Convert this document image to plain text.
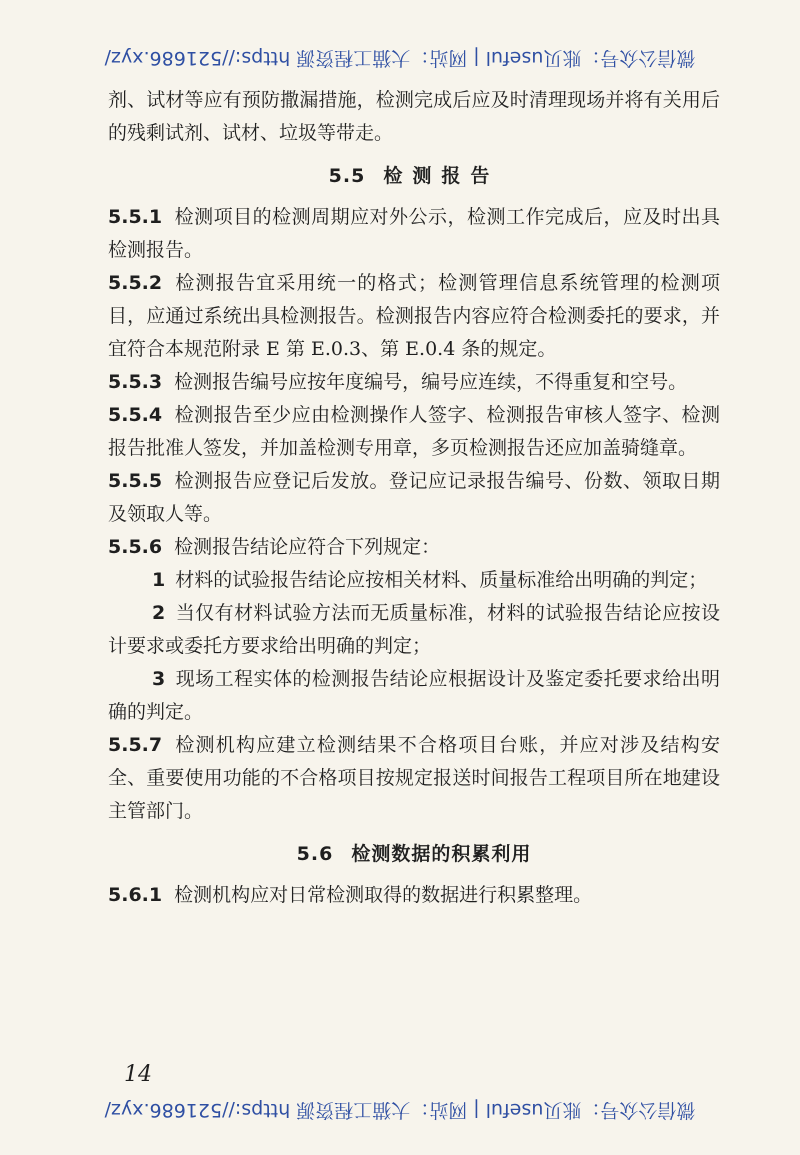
微信公众号：账贝useful | 网站：大猫工程资源 https://521686.xyz/

剂、试材等应有预防撒漏措施，检测完成后应及时清理现场并将有关用后的残剩试剂、试材、垃圾等带走。

5.5 检测报告

5.5.1 检测项目的检测周期应对外公示，检测工作完成后，应及时出具检测报告。

5.5.2 检测报告宜采用统一的格式；检测管理信息系统管理的检测项目，应通过系统出具检测报告。检测报告内容应符合检测委托的要求，并宜符合本规范附录 E 第 E.0.3、第 E.0.4 条的规定。

5.5.3 检测报告编号应按年度编号，编号应连续，不得重复和空号。

5.5.4 检测报告至少应由检测操作人签字、检测报告审核人签字、检测报告批准人签发，并加盖检测专用章，多页检测报告还应加盖骑缝章。

5.5.5 检测报告应登记后发放。登记应记录报告编号、份数、领取日期及领取人等。

5.5.6 检测报告结论应符合下列规定：

1 材料的试验报告结论应按相关材料、质量标准给出明确的判定；

2 当仅有材料试验方法而无质量标准，材料的试验报告结论应按设计要求或委托方要求给出明确的判定；

3 现场工程实体的检测报告结论应根据设计及鉴定委托要求给出明确的判定。

5.5.7 检测机构应建立检测结果不合格项目台账，并应对涉及结构安全、重要使用功能的不合格项目按规定报送时间报告工程项目所在地建设主管部门。

5.6 检测数据的积累利用

5.6.1 检测机构应对日常检测取得的数据进行积累整理。

14
微信公众号：账贝useful | 网站：大猫工程资源 https://521686.xyz/
